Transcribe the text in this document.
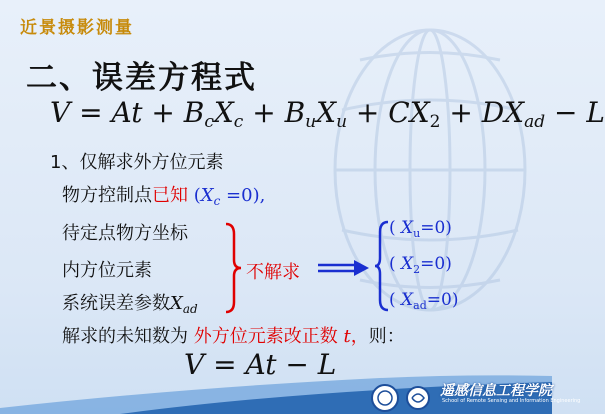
近景摄影测量
二、误差方程式
$V = At + B_cX_c + B_uX_u + CX_2 + DX_{ad} - L$
1、仅解求外方位元素
物方控制点已知 $(X_c =0)$,
待定点物方坐标
内方位元素
系统误差参数$X_{ad}$
不解求
( $X_u=0$)
( $X_2=0$)
( $X_{ad}=0$)
解求的未知数为 外方位元素改正数 t，则：
V = At − L
遥感信息工程学院
School of Remote Sensing and Information Engineering
